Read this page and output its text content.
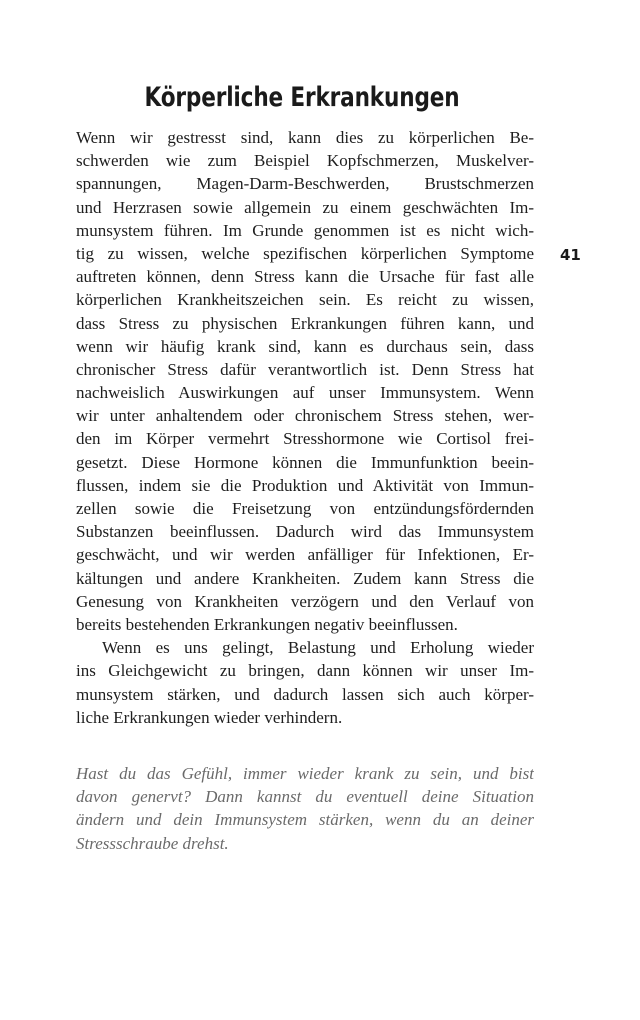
Körperliche Erkrankungen
41
Wenn wir gestresst sind, kann dies zu körperlichen Be-
schwerden wie zum Beispiel Kopfschmerzen, Muskelver-
spannungen, Magen-Darm-Beschwerden, Brustschmerzen
und Herzrasen sowie allgemein zu einem geschwächten Im-
munsystem führen. Im Grunde genommen ist es nicht wich-
tig zu wissen, welche spezifischen körperlichen Symptome
auftreten können, denn Stress kann die Ursache für fast alle
körperlichen Krankheitszeichen sein. Es reicht zu wissen,
dass Stress zu physischen Erkrankungen führen kann, und
wenn wir häufig krank sind, kann es durchaus sein, dass
chronischer Stress dafür verantwortlich ist. Denn Stress hat
nachweislich Auswirkungen auf unser Immunsystem. Wenn
wir unter anhaltendem oder chronischem Stress stehen, wer-
den im Körper vermehrt Stresshormone wie Cortisol frei-
gesetzt. Diese Hormone können die Immunfunktion beein-
flussen, indem sie die Produktion und Aktivität von Immun-
zellen sowie die Freisetzung von entzündungsfördernden
Substanzen beeinflussen. Dadurch wird das Immunsystem
geschwächt, und wir werden anfälliger für Infektionen, Er-
kältungen und andere Krankheiten. Zudem kann Stress die
Genesung von Krankheiten verzögern und den Verlauf von
bereits bestehenden Erkrankungen negativ beeinflussen.
Wenn es uns gelingt, Belastung und Erholung wieder
ins Gleichgewicht zu bringen, dann können wir unser Im-
munsystem stärken, und dadurch lassen sich auch körper-
liche Erkrankungen wieder verhindern.
Hast du das Gefühl, immer wieder krank zu sein, und bist
davon genervt? Dann kannst du eventuell deine Situation
ändern und dein Immunsystem stärken, wenn du an deiner
Stressschraube drehst.
